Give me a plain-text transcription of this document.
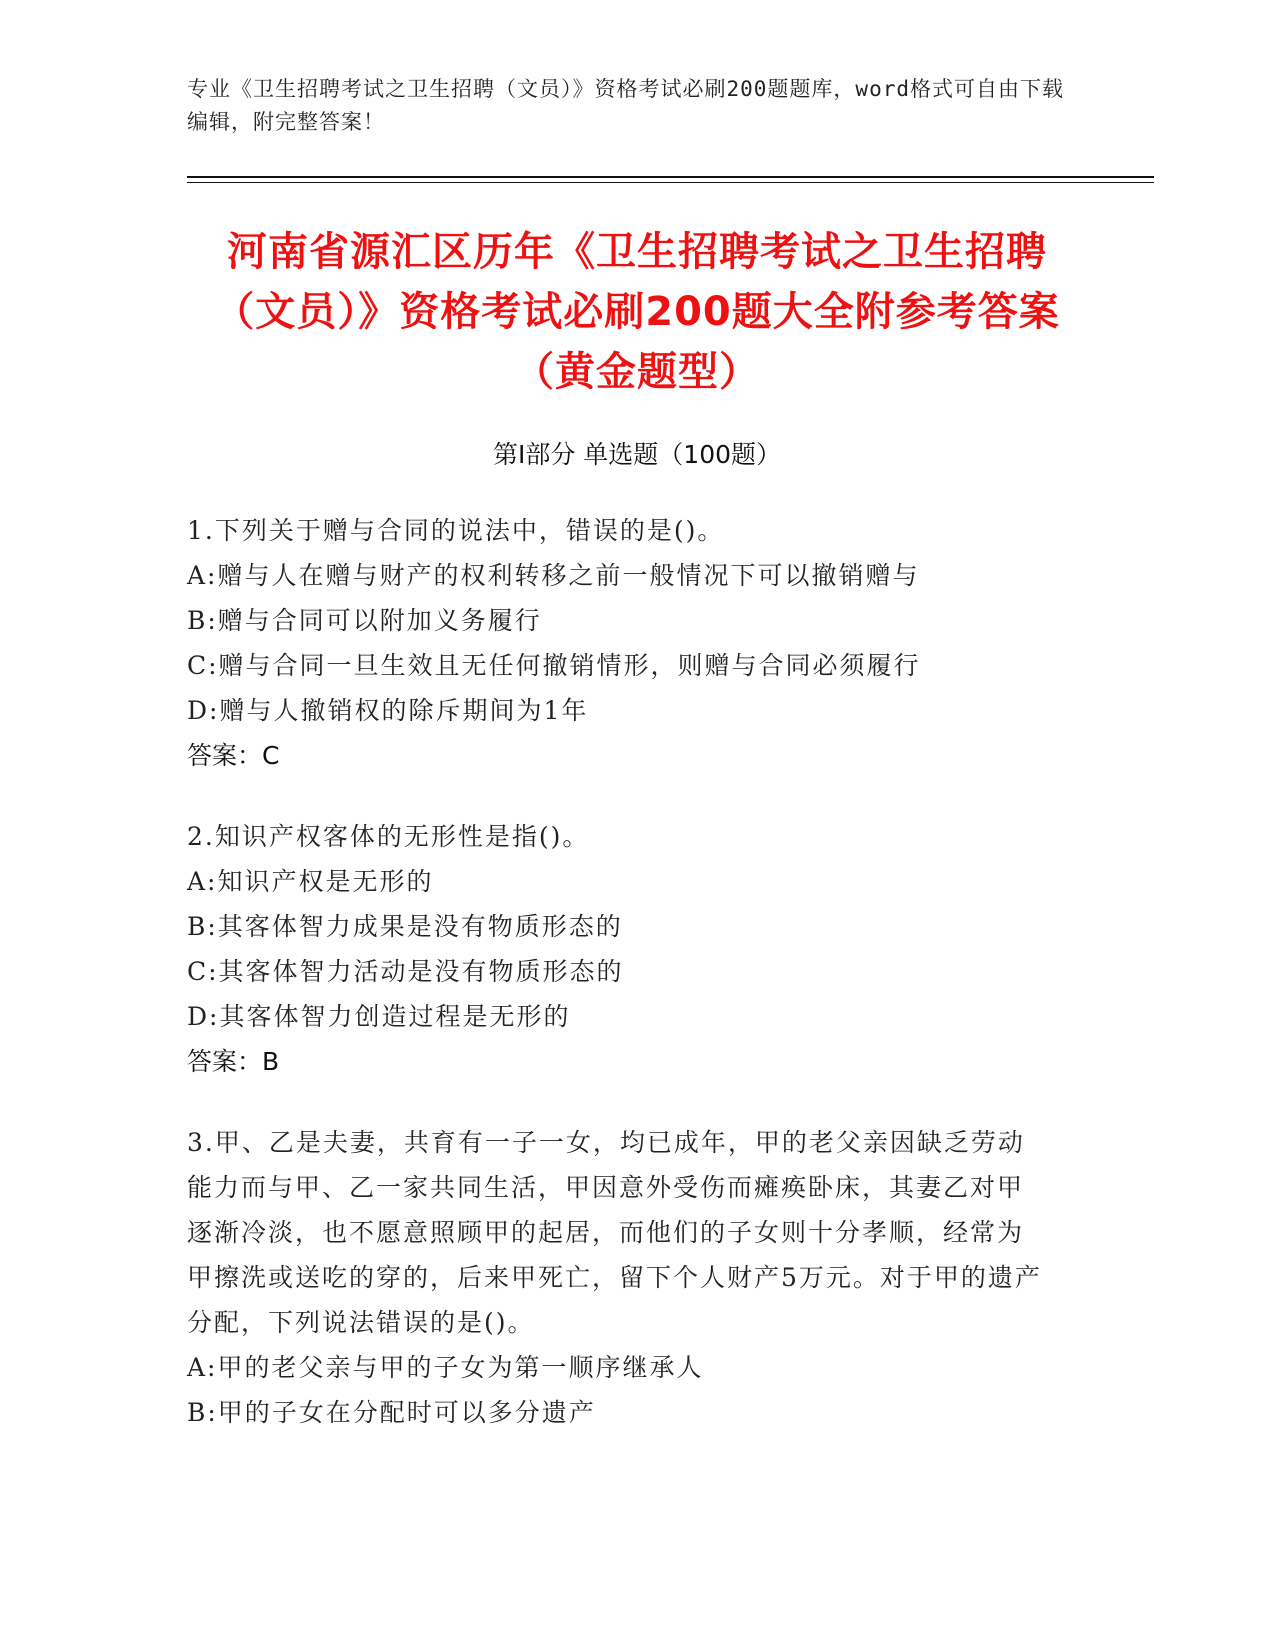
专业《卫生招聘考试之卫生招聘（文员）》资格考试必刷200题题库，word格式可自由下载编辑，附完整答案！
河南省源汇区历年《卫生招聘考试之卫生招聘（文员）》资格考试必刷200题大全附参考答案（黄金题型）
第Ⅰ部分 单选题（100题）
1.下列关于赠与合同的说法中，错误的是()。
A:赠与人在赠与财产的权利转移之前一般情况下可以撤销赠与
B:赠与合同可以附加义务履行
C:赠与合同一旦生效且无任何撤销情形，则赠与合同必须履行
D:赠与人撤销权的除斥期间为1年
答案：C
2.知识产权客体的无形性是指()。
A:知识产权是无形的
B:其客体智力成果是没有物质形态的
C:其客体智力活动是没有物质形态的
D:其客体智力创造过程是无形的
答案：B
3.甲、乙是夫妻，共育有一子一女，均已成年，甲的老父亲因缺乏劳动能力而与甲、乙一家共同生活，甲因意外受伤而瘫痪卧床，其妻乙对甲逐渐冷淡，也不愿意照顾甲的起居，而他们的子女则十分孝顺，经常为甲擦洗或送吃的穿的，后来甲死亡，留下个人财产5万元。对于甲的遗产分配，下列说法错误的是()。
A:甲的老父亲与甲的子女为第一顺序继承人
B:甲的子女在分配时可以多分遗产
